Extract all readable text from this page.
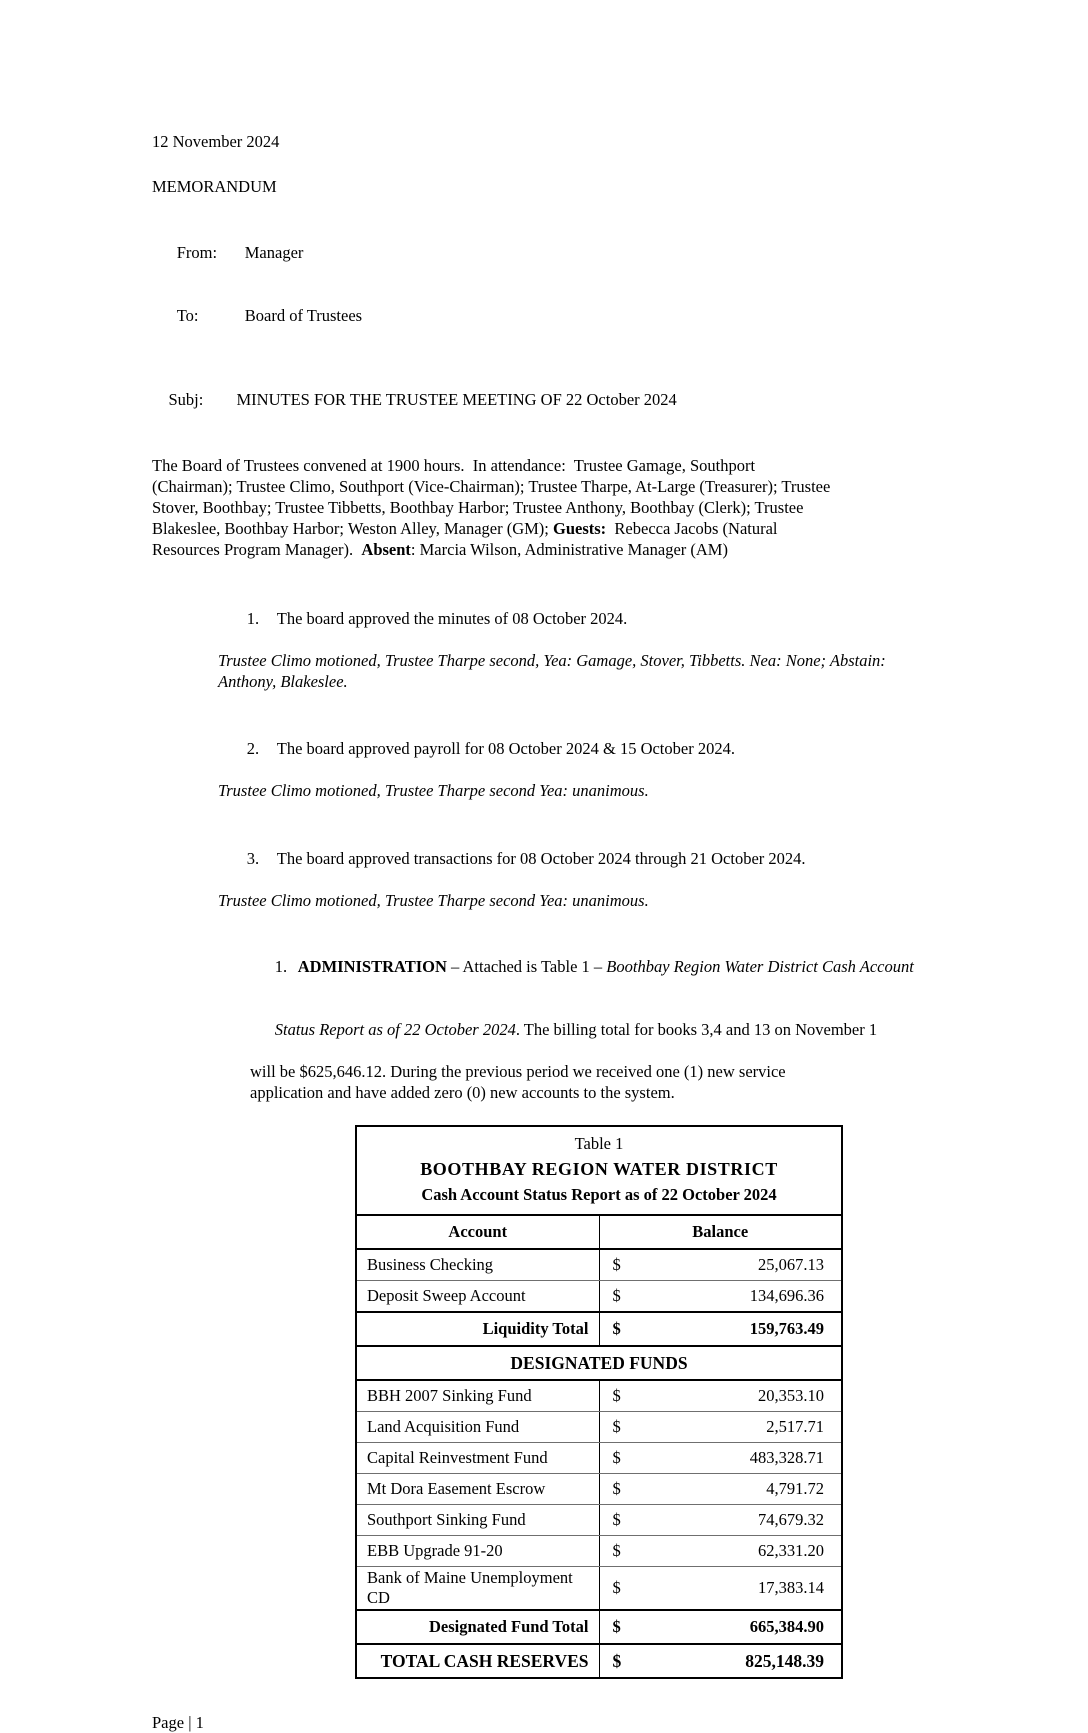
12 November 2024
MEMORANDUM

From: Manager

To:	Board of Trustees

Subj: MINUTES FOR THE TRUSTEE MEETING OF 22 October 2024

The Board of Trustees convened at 1900 hours.  In attendance:  Trustee Gamage, Southport
(Chairman); Trustee Climo, Southport (Vice-Chairman); Trustee Tharpe, At-Large (Treasurer); Trustee
Stover, Boothbay; Trustee Tibbetts, Boothbay Harbor; Trustee Anthony, Boothbay (Clerk); Trustee
Blakeslee, Boothbay Harbor; Weston Alley, Manager (GM); Guests:  Rebecca Jacobs (Natural
Resources Program Manager).  Absent: Marcia Wilson, Administrative Manager (AM)

1. The board approved the minutes of 08 October 2024.

Trustee Climo motioned, Trustee Tharpe second, Yea: Gamage, Stover, Tibbetts. Nea: None; Abstain:
Anthony, Blakeslee.

2. The board approved payroll for 08 October 2024 & 15 October 2024.

Trustee Climo motioned, Trustee Tharpe second Yea: unanimous.

3. The board approved transactions for 08 October 2024 through 21 October 2024.

Trustee Climo motioned, Trustee Tharpe second Yea: unanimous.

1. ADMINISTRATION – Attached is Table 1 – Boothbay Region Water District Cash Account

Status Report as of 22 October 2024. The billing total for books 3,4 and 13 on November 1

will be $625,646.12. During the previous period we received one (1) new service
application and have added zero (0) new accounts to the system.
Table 1
BOOTHBAY REGION WATER DISTRICT
Cash Account Status Report as of 22 October 2024	

Account	Balance
Business Checking	$ 25,067.13

Deposit Sweep Account	$ 134,696.36

Liquidity Total	$ 159,763.49

DESIGNATED FUNDS	
BBH 2007 Sinking Fund	$ 20,353.10

Land Acquisition Fund	$ 2,517.71

Capital Reinvestment Fund	$ 483,328.71

Mt Dora Easement Escrow	$ 4,791.72

Southport Sinking Fund	$ 74,679.32

EBB Upgrade 91-20	$ 62,331.20

Bank of Maine Unemployment CD	$ 17,383.14

Designated Fund Total	$ 665,384.90

TOTAL CASH RESERVES	$ 825,148.39
Page | 1
